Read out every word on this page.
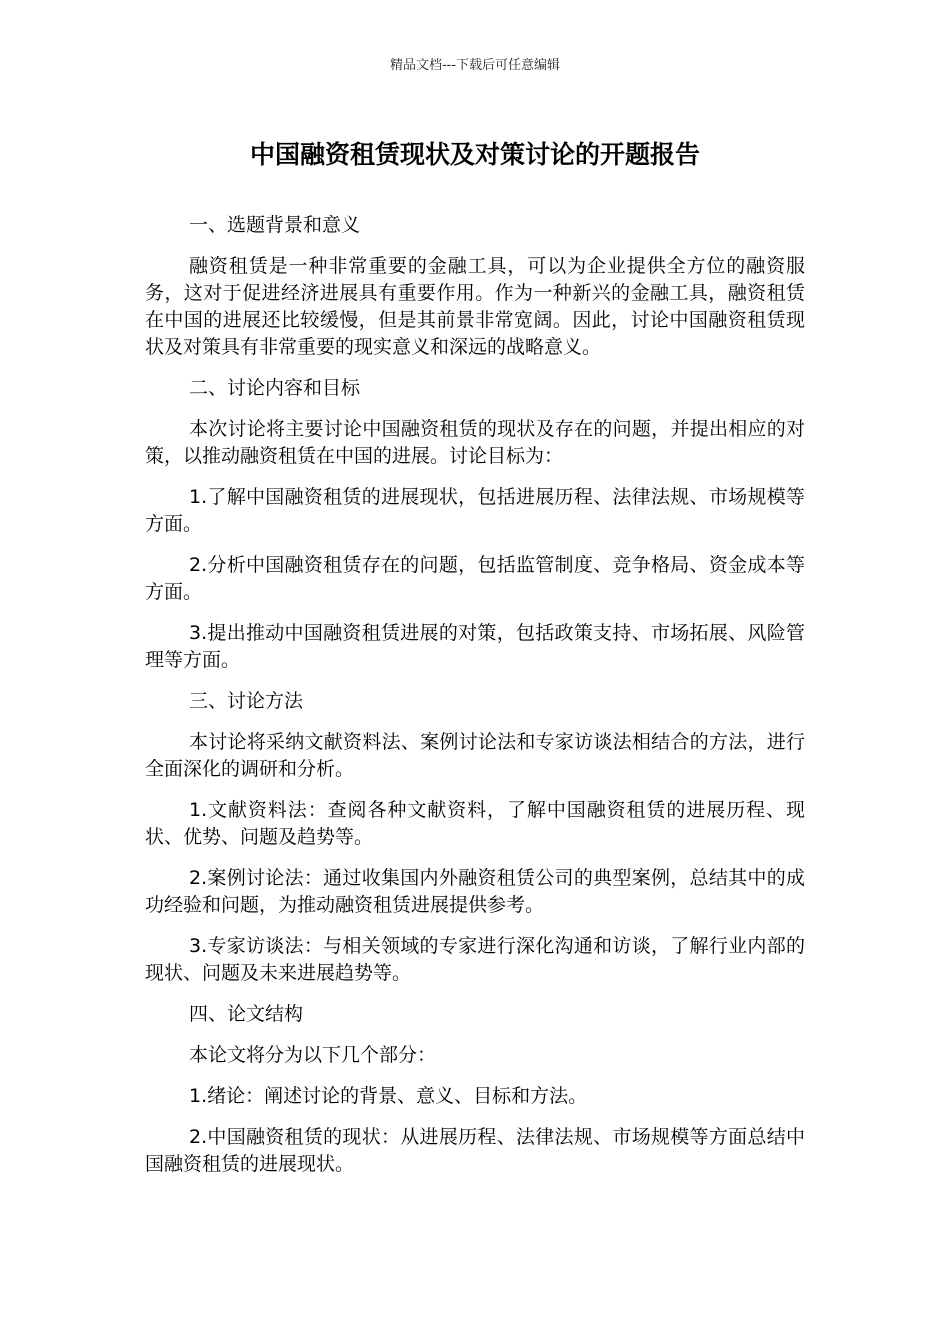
精品文档---下载后可任意编辑
中国融资租赁现状及对策讨论的开题报告

一、选题背景和意义

融资租赁是一种非常重要的金融工具，可以为企业提供全方位的融资服务，这对于促进经济进展具有重要作用。作为一种新兴的金融工具，融资租赁在中国的进展还比较缓慢，但是其前景非常宽阔。因此，讨论中国融资租赁现状及对策具有非常重要的现实意义和深远的战略意义。

二、讨论内容和目标

本次讨论将主要讨论中国融资租赁的现状及存在的问题，并提出相应的对策，以推动融资租赁在中国的进展。讨论目标为：

1.了解中国融资租赁的进展现状，包括进展历程、法律法规、市场规模等方面。

2.分析中国融资租赁存在的问题，包括监管制度、竞争格局、资金成本等方面。

3.提出推动中国融资租赁进展的对策，包括政策支持、市场拓展、风险管理等方面。

三、讨论方法

本讨论将采纳文献资料法、案例讨论法和专家访谈法相结合的方法，进行全面深化的调研和分析。

1.文献资料法：查阅各种文献资料，了解中国融资租赁的进展历程、现状、优势、问题及趋势等。

2.案例讨论法：通过收集国内外融资租赁公司的典型案例，总结其中的成功经验和问题，为推动融资租赁进展提供参考。

3.专家访谈法：与相关领域的专家进行深化沟通和访谈，了解行业内部的现状、问题及未来进展趋势等。

四、论文结构

本论文将分为以下几个部分：

1.绪论：阐述讨论的背景、意义、目标和方法。

2.中国融资租赁的现状：从进展历程、法律法规、市场规模等方面总结中国融资租赁的进展现状。
